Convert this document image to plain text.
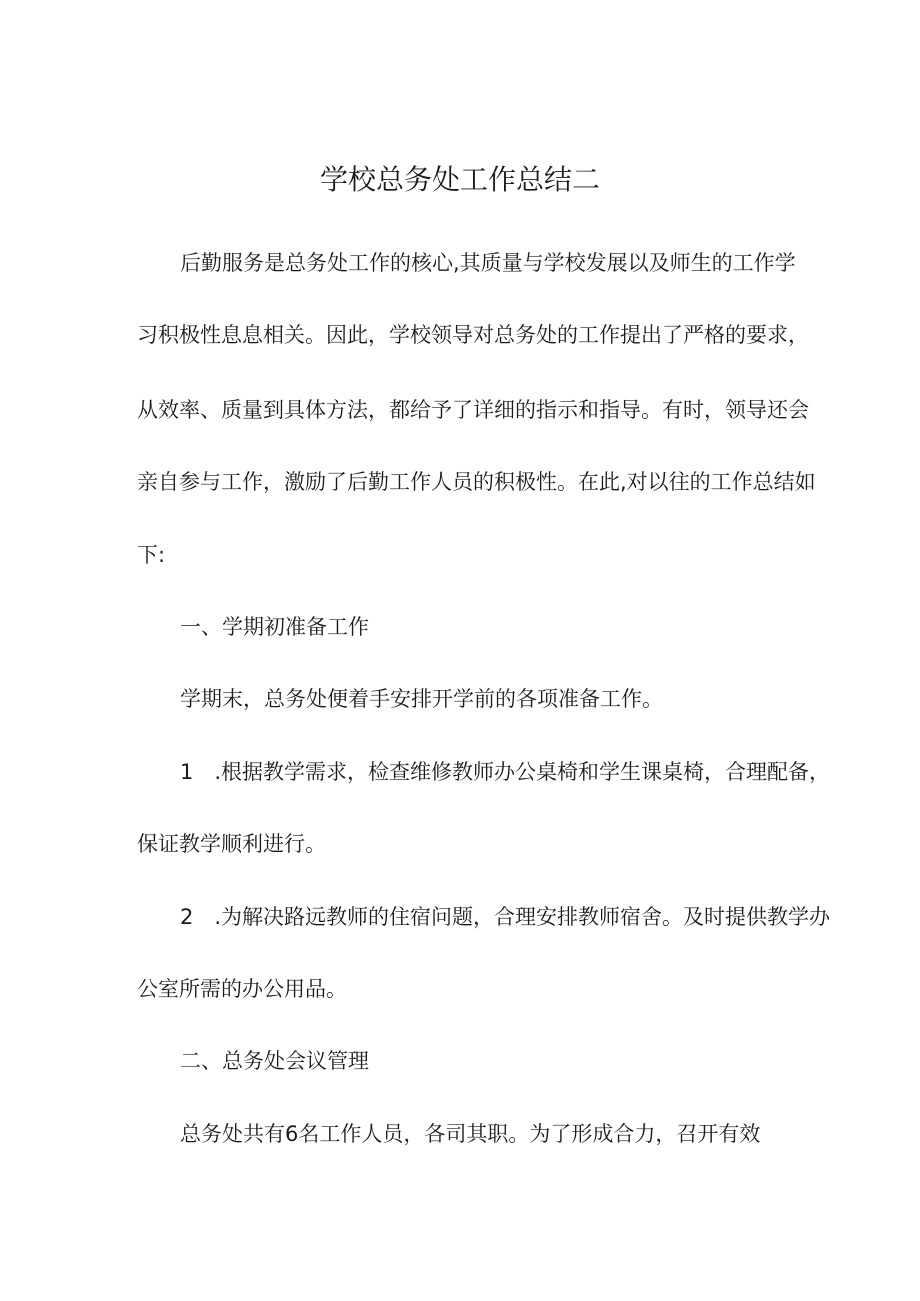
学校总务处工作总结二
后勤服务是总务处工作的核心,其质量与学校发展以及师生的工作学
习积极性息息相关。因此，学校领导对总务处的工作提出了严格的要求，
从效率、质量到具体方法，都给予了详细的指示和指导。有时，领导还会
亲自参与工作，激励了后勤工作人员的积极性。在此,对以往的工作总结如
下:
一、学期初准备工作
学期末，总务处便着手安排开学前的各项准备工作。
1　.根据教学需求，检查维修教师办公桌椅和学生课桌椅，合理配备，
保证教学顺利进行。
2　.为解决路远教师的住宿问题，合理安排教师宿舍。及时提供教学办
公室所需的办公用品。
二、总务处会议管理
总务处共有6名工作人员，各司其职。为了形成合力，召开有效
